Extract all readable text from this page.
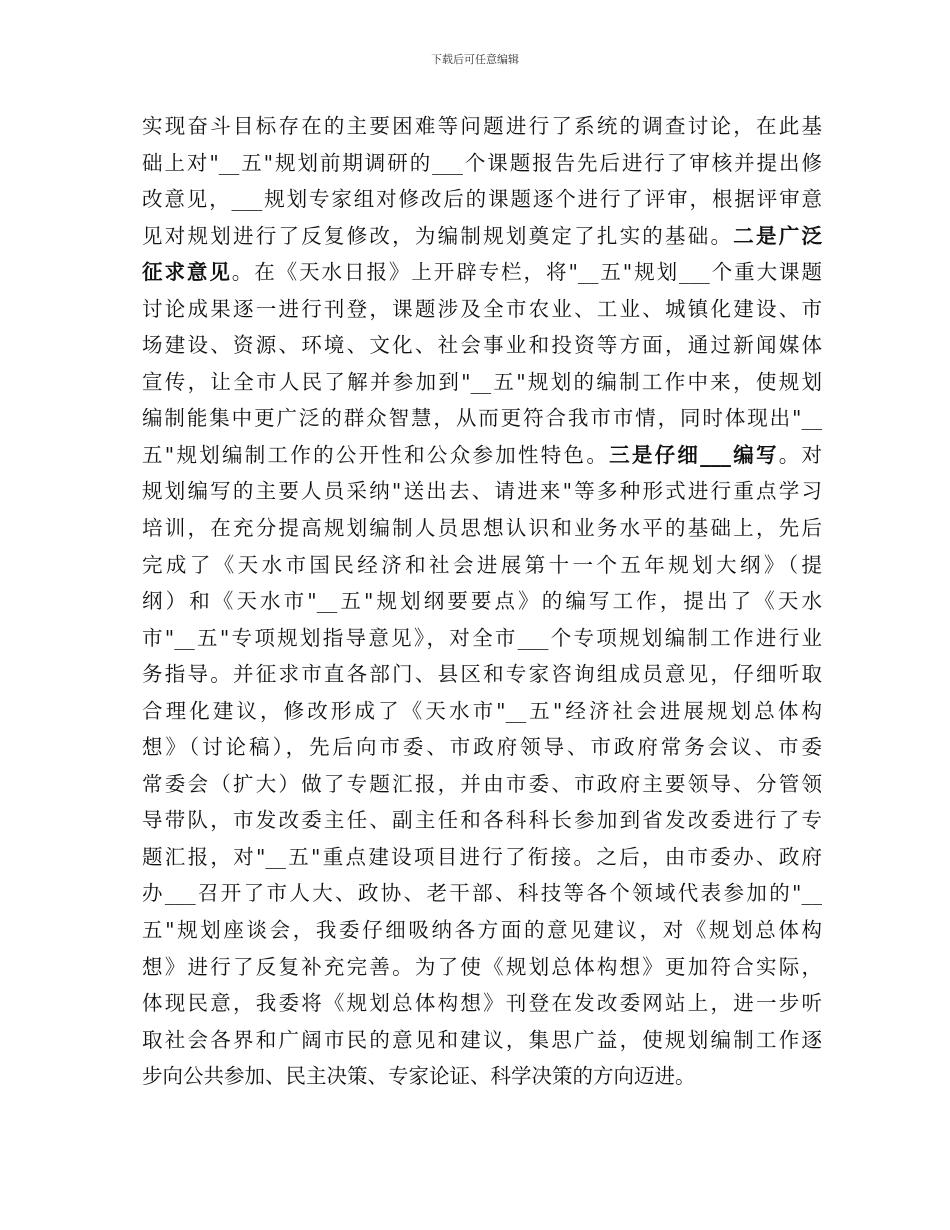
下载后可任意编辑
实现奋斗目标存在的主要困难等问题进行了系统的调查讨论，在此基
础上对"__五"规划前期调研的___个课题报告先后进行了审核并提出修
改意见，___规划专家组对修改后的课题逐个进行了评审，根据评审意
见对规划进行了反复修改，为编制规划奠定了扎实的基础。二是广泛
征求意见。在《天水日报》上开辟专栏，将"__五"规划___个重大课题
讨论成果逐一进行刊登，课题涉及全市农业、工业、城镇化建设、市
场建设、资源、环境、文化、社会事业和投资等方面，通过新闻媒体
宣传，让全市人民了解并参加到"__五"规划的编制工作中来，使规划
编制能集中更广泛的群众智慧，从而更符合我市市情，同时体现出"__
五"规划编制工作的公开性和公众参加性特色。三是仔细___编写。对
规划编写的主要人员采纳"送出去、请进来"等多种形式进行重点学习
培训，在充分提高规划编制人员思想认识和业务水平的基础上，先后
完成了《天水市国民经济和社会进展第十一个五年规划大纲》（提
纲）和《天水市"__五"规划纲要要点》的编写工作，提出了《天水
市"__五"专项规划指导意见》，对全市___个专项规划编制工作进行业
务指导。并征求市直各部门、县区和专家咨询组成员意见，仔细听取
合理化建议，修改形成了《天水市"__五"经济社会进展规划总体构
想》（讨论稿），先后向市委、市政府领导、市政府常务会议、市委
常委会（扩大）做了专题汇报，并由市委、市政府主要领导、分管领
导带队，市发改委主任、副主任和各科科长参加到省发改委进行了专
题汇报，对"__五"重点建设项目进行了衔接。之后，由市委办、政府
办___召开了市人大、政协、老干部、科技等各个领域代表参加的"__
五"规划座谈会，我委仔细吸纳各方面的意见建议，对《规划总体构
想》进行了反复补充完善。为了使《规划总体构想》更加符合实际，
体现民意，我委将《规划总体构想》刊登在发改委网站上，进一步听
取社会各界和广阔市民的意见和建议，集思广益，使规划编制工作逐
步向公共参加、民主决策、专家论证、科学决策的方向迈进。
